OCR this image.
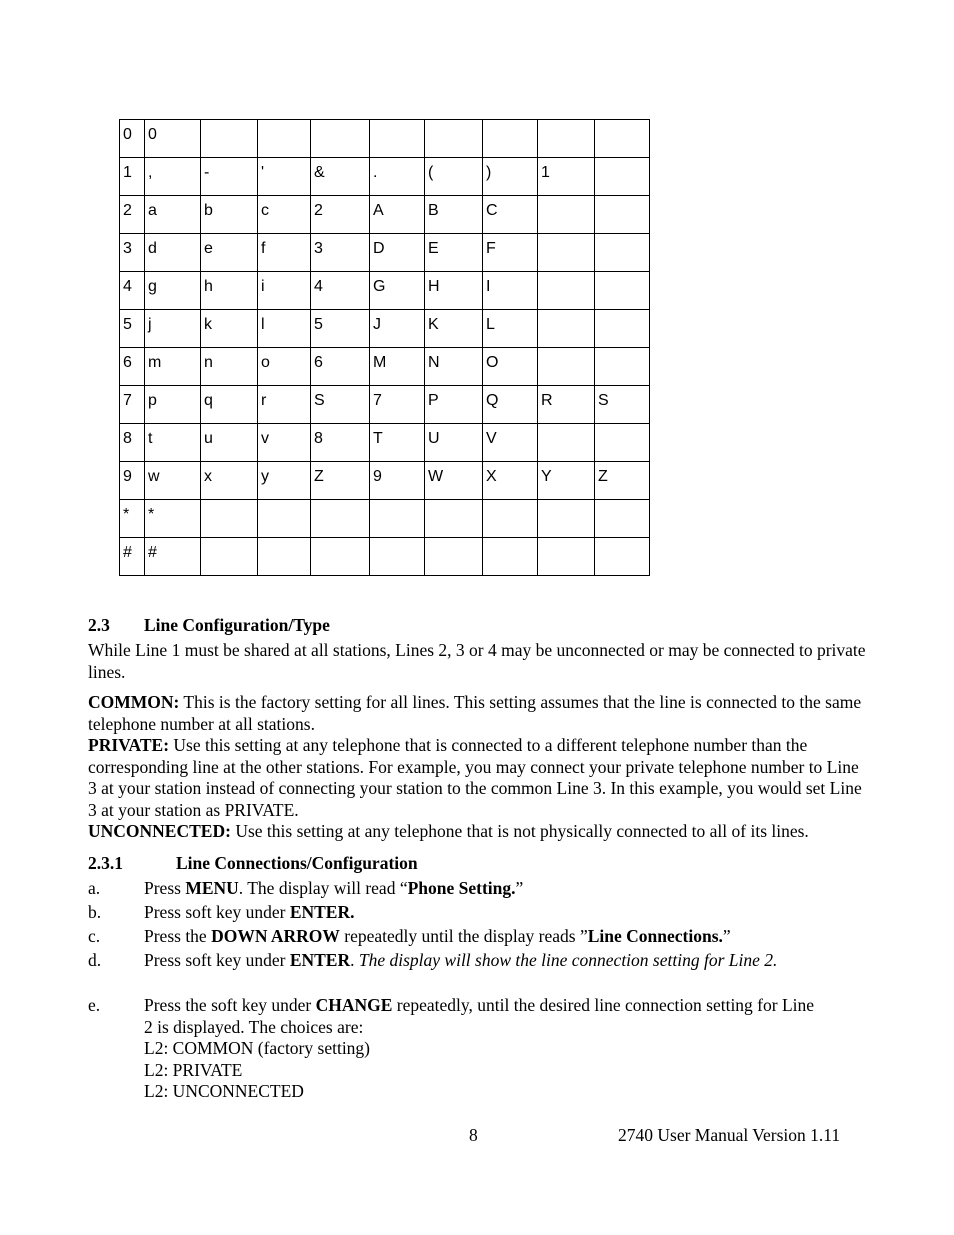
0	0								
1	,	-	'	&	.	(	)	1	
2	a	b	c	2	A	B	C		
3	d	e	f	3	D	E	F		
4	g	h	i	4	G	H	I		
5	j	k	l	5	J	K	L		
6	m	n	o	6	M	N	O		
7	p	q	r	S	7	P	Q	R	S
8	t	u	v	8	T	U	V		
9	w	x	y	Z	9	W	X	Y	Z
*	*								
#	#								
2.3 Line Configuration/Type

While Line 1 must be shared at all stations, Lines 2, 3 or 4 may be unconnected or may be connected to private lines.

COMMON: This is the factory setting for all lines. This setting assumes that the line is connected to the same telephone number at all stations.

PRIVATE: Use this setting at any telephone that is connected to a different telephone number than the corresponding line at the other stations. For example, you may connect your private telephone number to Line 3 at your station instead of connecting your station to the common Line 3. In this example, you would set Line 3 at your station as PRIVATE.

UNCONNECTED: Use this setting at any telephone that is not physically connected to all of its lines.

2.3.1	Line Connections/Configuration
a.	Press MENU. The display will read “Phone Setting.”
b. Press soft key under ENTER.
c.	Press the DOWN ARROW repeatedly until the display reads ”Line Connections.”
d. Press soft key under ENTER. The display will show the line connection setting for Line 2.
e.	Press the soft key under CHANGE repeatedly, until the desired line connection setting for Line 2 is displayed. The choices are:
L2: COMMON (factory setting)
L2: PRIVATE
L2: UNCONNECTED
8	2740 User Manual Version 1.11
